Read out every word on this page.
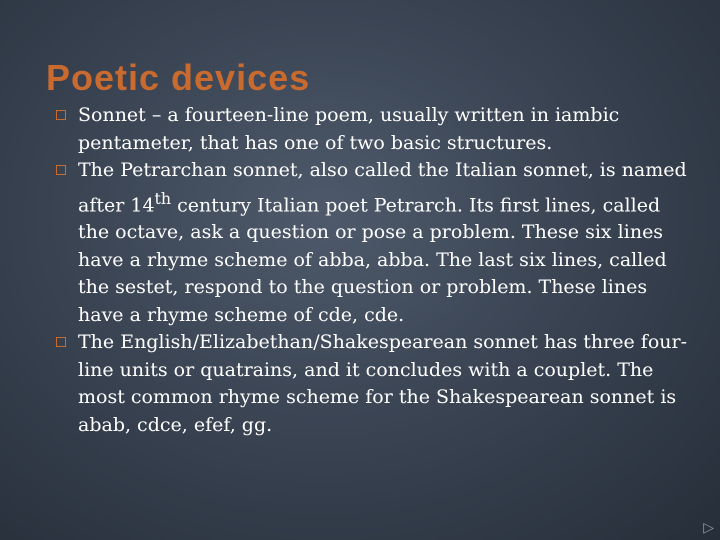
Poetic devices
Sonnet – a fourteen-line poem, usually written in iambic pentameter, that has one of two basic structures.
The Petrarchan sonnet, also called the Italian sonnet, is named after 14th century Italian poet Petrarch. Its first lines, called the octave, ask a question or pose a problem. These six lines have a rhyme scheme of abba, abba. The last six lines, called the sestet, respond to the question or problem. These lines have a rhyme scheme of cde, cde.
The English/Elizabethan/Shakespearean sonnet has three four-line units or quatrains, and it concludes with a couplet. The most common rhyme scheme for the Shakespearean sonnet is abab, cdce, efef, gg.
▷
